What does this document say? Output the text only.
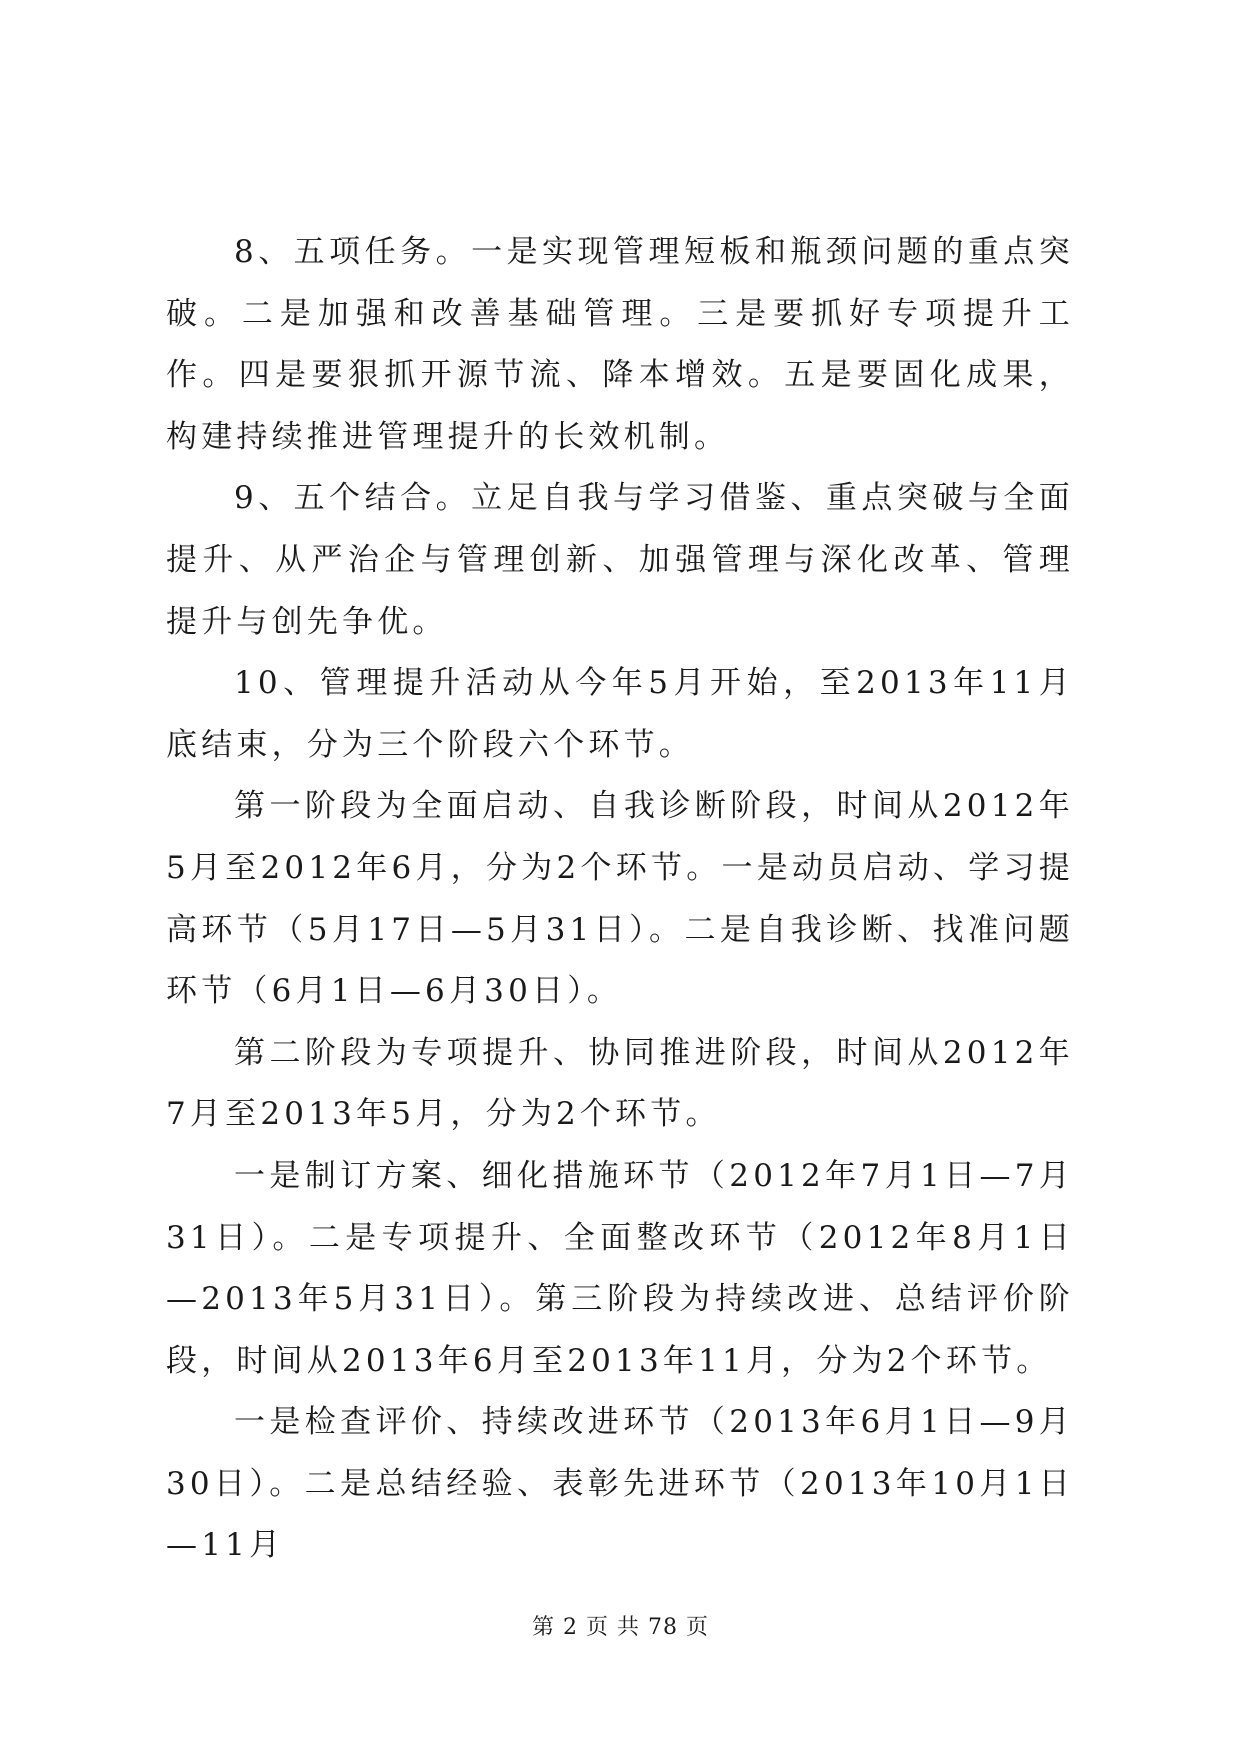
8、五项任务。一是实现管理短板和瓶颈问题的重点突破。二是加强和改善基础管理。三是要抓好专项提升工作。四是要狠抓开源节流、降本增效。五是要固化成果，构建持续推进管理提升的长效机制。

9、五个结合。立足自我与学习借鉴、重点突破与全面提升、从严治企与管理创新、加强管理与深化改革、管理提升与创先争优。

10、管理提升活动从今年5月开始，至2013年11月底结束，分为三个阶段六个环节。

第一阶段为全面启动、自我诊断阶段，时间从2012年5月至2012年6月，分为2个环节。一是动员启动、学习提高环节（5月17日—5月31日）。二是自我诊断、找准问题环节（6月1日—6月30日）。

第二阶段为专项提升、协同推进阶段，时间从2012年7月至2013年5月，分为2个环节。

一是制订方案、细化措施环节（2012年7月1日—7月31日）。二是专项提升、全面整改环节（2012年8月1日—2013年5月31日）。第三阶段为持续改进、总结评价阶段，时间从2013年6月至2013年11月，分为2个环节。

一是检查评价、持续改进环节（2013年6月1日—9月30日）。二是总结经验、表彰先进环节（2013年10月1日—11月

第 2 页 共 78 页
